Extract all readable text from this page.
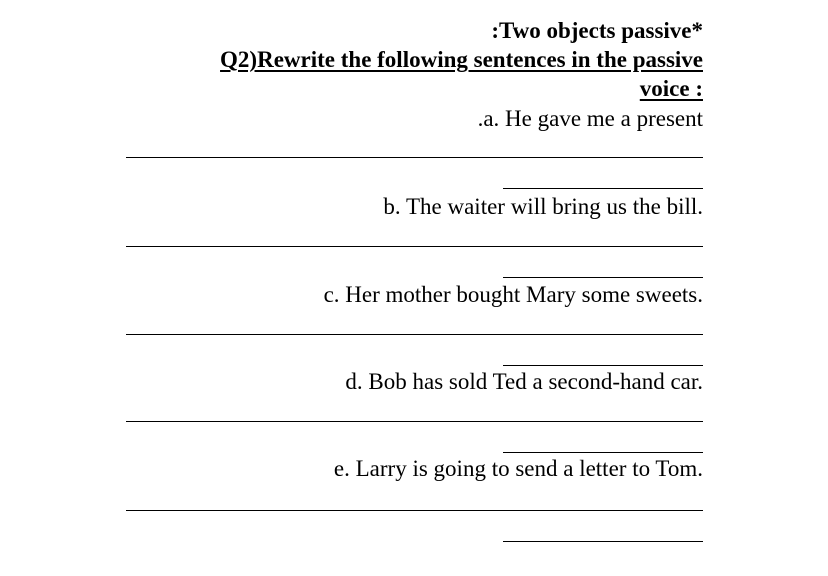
:Two objects passive*
Q2)Rewrite the following sentences in the passive
voice :
.a. He gave me a present
b. The waiter will bring us the bill.
c. Her mother bought Mary some sweets.
d. Bob has sold Ted a second-hand car.
e. Larry is going to send a letter to Tom.
